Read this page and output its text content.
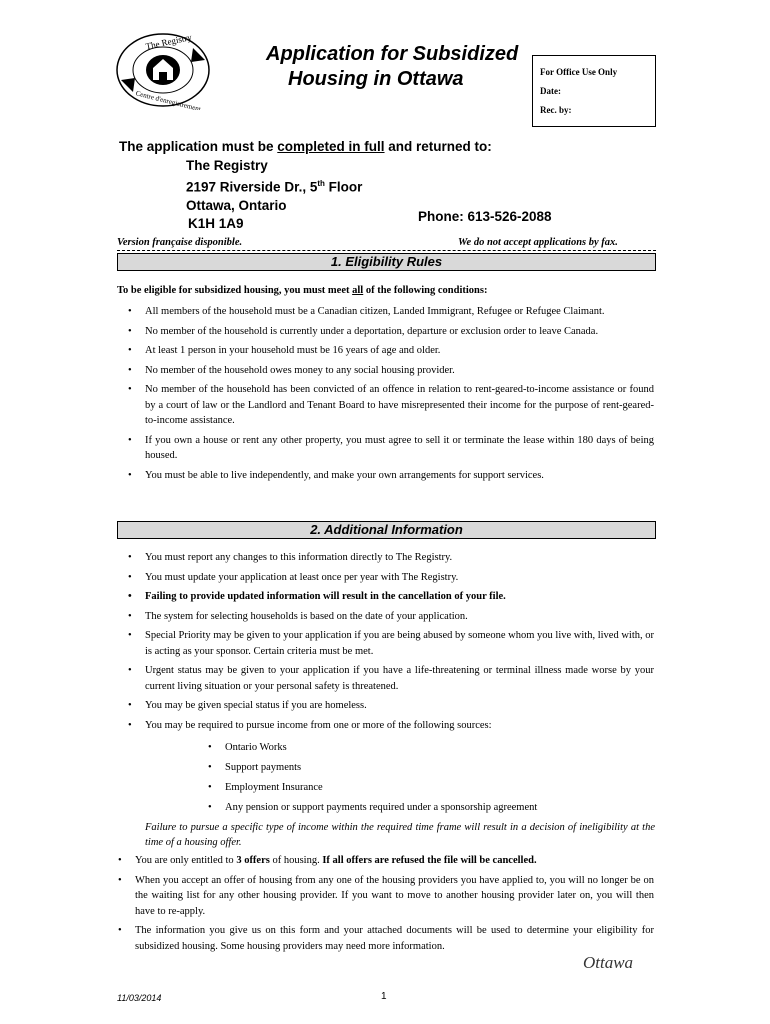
The Registry
Centre d'enregistrement
Application for Subsidized
Housing in Ottawa	For Office Use Only
Date:
Rec. by:
The application must be completed in full and returned to:
The Registry
2197 Riverside Dr., 5th Floor
Ottawa, Ontario
K1H 1A9	Phone: 613-526-2088
Version française disponible.	We do not accept applications by fax.
1. Eligibility Rules
To be eligible for subsidized housing, you must meet all of the following conditions:
• All members of the household must be a Canadian citizen, Landed Immigrant, Refugee or Refugee Claimant.
• No member of the household is currently under a deportation, departure or exclusion order to leave Canada.
• At least 1 person in your household must be 16 years of age and older.
• No member of the household owes money to any social housing provider.
• No member of the household has been convicted of an offence in relation to rent-geared-to-income assistance or found by a court of law or the Landlord and Tenant Board to have misrepresented their income for the purpose of rent-geared-to-income assistance.
• If you own a house or rent any other property, you must agree to sell it or terminate the lease within 180 days of being housed.
• You must be able to live independently, and make your own arrangements for support services.
2. Additional Information
• You must report any changes to this information directly to The Registry.
• You must update your application at least once per year with The Registry.
• Failing to provide updated information will result in the cancellation of your file.
• The system for selecting households is based on the date of your application.
• Special Priority may be given to your application if you are being abused by someone whom you live with, lived with, or is acting as your sponsor. Certain criteria must be met.
• Urgent status may be given to your application if you have a life-threatening or terminal illness made worse by your current living situation or your personal safety is threatened.
• You may be given special status if you are homeless.
• You may be required to pursue income from one or more of the following sources:
• Ontario Works
• Support payments
• Employment Insurance
• Any pension or support payments required under a sponsorship agreement
Failure to pursue a specific type of income within the required time frame will result in a decision of ineligibility at the time of a housing offer.
• You are only entitled to 3 offers of housing. If all offers are refused the file will be cancelled.
• When you accept an offer of housing from any one of the housing providers you have applied to, you will no longer be on the waiting list for any other housing provider. If you want to move to another housing provider later on, you will then have to re-apply.
• The information you give us on this form and your attached documents will be used to determine your eligibility for subsidized housing. Some housing providers may need more information.
Ottawa
11/03/2014	1
